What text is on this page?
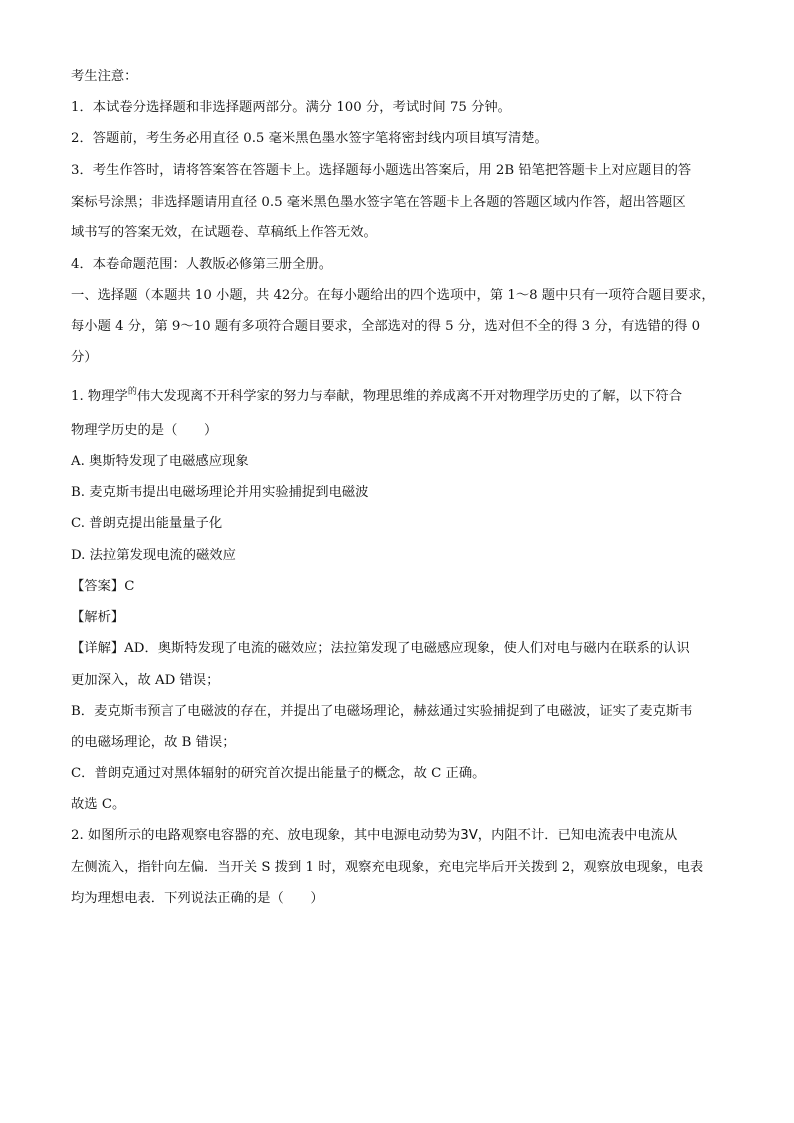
考生注意：
1．本试卷分选择题和非选择题两部分。满分 100 分，考试时间 75 分钟。
2．答题前，考生务必用直径 0.5 毫米黑色墨水签字笔将密封线内项目填写清楚。
3．考生作答时，请将答案答在答题卡上。选择题每小题选出答案后，用 2B 铅笔把答题卡上对应题目的答
案标号涂黑；非选择题请用直径 0.5 毫米黑色墨水签字笔在答题卡上各题的答题区域内作答，超出答题区
域书写的答案无效，在试题卷、草稿纸上作答无效。
4．本卷命题范围：人教版必修第三册全册。
一、选择题（本题共 10 小题，共 42分。在每小题给出的四个选项中，第 1～8 题中只有一项符合题目要求，
每小题 4 分，第 9～10 题有多项符合题目要求，全部选对的得 5 分，选对但不全的得 3 分，有选错的得 0
分）
1. 物理学$^的$伟大发现离不开科学家的努力与奉献，物理思维的养成离不开对物理学历史的了解，以下符合
物理学历史的是（　　）
A. 奥斯特发现了电磁感应现象
B. 麦克斯韦提出电磁场理论并用实验捕捉到电磁波
C. 普朗克提出能量量子化
D. 法拉第发现电流的磁效应
【答案】C
【解析】
【详解】AD．奥斯特发现了电流的磁效应；法拉第发现了电磁感应现象，使人们对电与磁内在联系的认识
更加深入，故 AD 错误；
B．麦克斯韦预言了电磁波的存在，并提出了电磁场理论，赫兹通过实验捕捉到了电磁波，证实了麦克斯韦
的电磁场理论，故 B 错误；
C．普朗克通过对黑体辐射的研究首次提出能量子的概念，故 C 正确。
故选 C。
2. 如图所示的电路观察电容器的充、放电现象，其中电源电动势为3V，内阻不计．已知电流表中电流从
左侧流入，指针向左偏．当开关 S 拨到 1 时，观察充电现象，充电完毕后开关拨到 2，观察放电现象，电表
均为理想电表．下列说法正确的是（　　）
